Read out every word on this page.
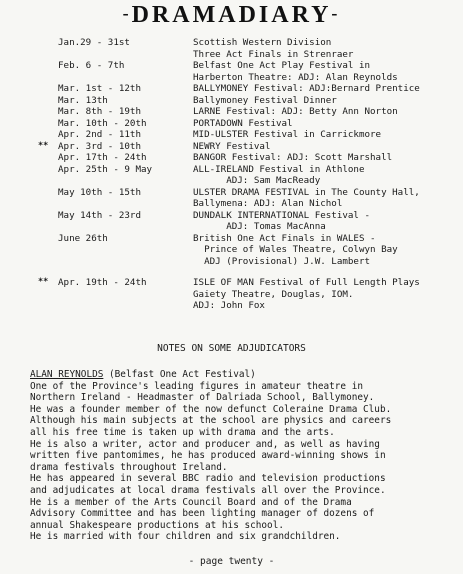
-DRAMADIARY-
Jan.29 - 31st	Scottish Western Division
Three Act Finals in Strenraer
Feb. 6 - 7th	Belfast One Act Play Festival in
Harberton Theatre: ADJ: Alan Reynolds
Mar. 1st - 12th	BALLYMONEY Festival: ADJ:Bernard Prentice
Mar. 13th	Ballymoney Festival Dinner
Mar. 8th - 19th	LARNE Festival: ADJ: Betty Ann Norton
Mar. 10th - 20th	PORTADOWN Festival
Apr. 2nd - 11th	MID-ULSTER Festival in Carrickmore
**	Apr. 3rd - 10th	NEWRY Festival
Apr. 17th - 24th	BANGOR Festival: ADJ: Scott Marshall
Apr. 25th - 9 May	ALL-IRELAND Festival in Athlone
ADJ: Sam MacReady
May 10th - 15th	ULSTER DRAMA FESTIVAL in The County Hall,
Ballymena: ADJ: Alan Nichol
May 14th - 23rd	DUNDALK INTERNATIONAL Festival -
ADJ: Tomas MacAnna
June 26th	British One Act Finals in WALES -
Prince of Wales Theatre, Colwyn Bay
ADJ (Provisional) J.W. Lambert
**	Apr. 19th - 24th	ISLE OF MAN Festival of Full Length Plays
Gaiety Theatre, Douglas, IOM.
ADJ: John Fox
NOTES ON SOME ADJUDICATORS
ALAN REYNOLDS (Belfast One Act Festival)
One of the Province's leading figures in amateur theatre in
Northern Ireland - Headmaster of Dalriada School, Ballymoney.
He was a founder member of the now defunct Coleraine Drama Club.
Although his main subjects at the school are physics and careers
all his free time is taken up with drama and the arts.
He is also a writer, actor and producer and, as well as having
written five pantomimes, he has produced award-winning shows in
drama festivals throughout Ireland.
He has appeared in several BBC radio and television productions
and adjudicates at local drama festivals all over the Province.
He is a member of the Arts Council Board and of the Drama
Advisory Committee and has been lighting manager of dozens of
annual Shakespeare productions at his school.
He is married with four children and six grandchildren.
- page twenty -
